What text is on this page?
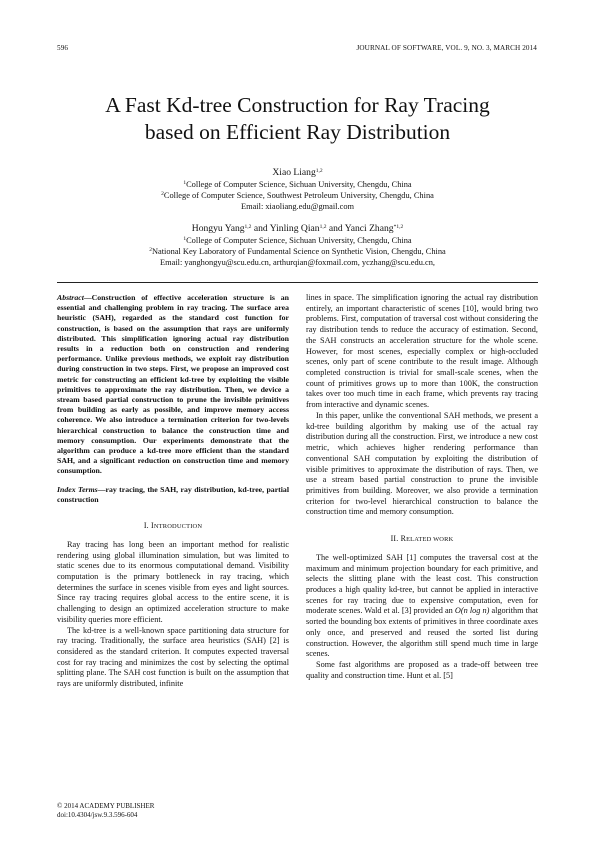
596	JOURNAL OF SOFTWARE, VOL. 9, NO. 3, MARCH 2014
A Fast Kd-tree Construction for Ray Tracing
based on Efficient Ray Distribution
Xiao Liang$^{1,2}$
$^1$College of Computer Science, Sichuan University, Chengdu, China
$^2$College of Computer Science, Southwest Petroleum University, Chengdu, China
Email: xiaoliang.edu@gmail.com
Hongyu Yang$^{1,2}$ and Yinling Qian$^{1,2}$ and Yanci Zhang$^{*1,2}$
$^1$College of Computer Science, Sichuan University, Chengdu, China
$^2$National Key Laboratory of Fundamental Science on Synthetic Vision, Chengdu, China
Email: yanghongyu@scu.edu.cn, arthurqian@foxmail.com, yczhang@scu.edu.cn,

Abstract—Construction of effective acceleration structure is an essential and challenging problem in ray tracing. The surface area heuristic (SAH), regarded as the standard cost function for construction, is based on the assumption that rays are uniformly distributed. This simplification ignoring actual ray distribution results in a reduction both on construction and rendering performance. Unlike previous methods, we exploit ray distribution during construction in two steps. First, we propose an improved cost metric for constructing an efficient kd-tree by exploiting the visible primitives to approximate the ray distribution. Then, we device a stream based partial construction to prune the invisible primitives from building as early as possible, and improve memory access coherence. We also introduce a termination criterion for two-levels hierarchical construction to balance the construction time and memory consumption. Our experiments demonstrate that the algorithm can produce a kd-tree more efficient than the standard SAH, and a significant reduction on construction time and memory consumption.

Index Terms—ray tracing, the SAH, ray distribution, kd-tree, partial construction

I. INTRODUCTION

Ray tracing has long been an important method for realistic rendering using global illumination simulation, but was limited to static scenes due to its enormous computational demand. Visibility computation is the primary bottleneck in ray tracing, which determines the surface in scenes visible from eyes and light sources. Since ray tracing requires global access to the entire scene, it is challenging to design an optimized acceleration structure to make visibility queries more efficient.

The kd-tree is a well-known space partitioning data structure for ray tracing. Traditionally, the surface area heuristics (SAH) [2] is considered as the standard criterion. It computes expected traversal cost for ray tracing and minimizes the cost by selecting the optimal splitting plane. The SAH cost function is built on the assumption that rays are uniformly distributed, infinite

lines in space. The simplification ignoring the actual ray distribution entirely, an important characteristic of scenes [10], would bring two problems. First, computation of traversal cost without considering the ray distribution tends to reduce the accuracy of estimation. Second, the SAH constructs an acceleration structure for the whole scene. However, for most scenes, especially complex or high-occluded scenes, only part of scene contribute to the result image. Although completed construction is trivial for small-scale scenes, when the count of primitives grows up to more than 100K, the construction takes over too much time in each frame, which prevents ray tracing from interactive and dynamic scenes.

In this paper, unlike the conventional SAH methods, we present a kd-tree building algorithm by making use of the actual ray distribution during all the construction. First, we introduce a new cost metric, which achieves higher rendering performance than conventional SAH computation by exploiting the distribution of visible primitives to approximate the distribution of rays. Then, we use a stream based partial construction to prune the invisible primitives from building. Moreover, we also provide a termination criterion for two-level hierarchical construction to balance the construction time and memory consumption.

II. RELATED WORK

The well-optimized SAH [1] computes the traversal cost at the maximum and minimum projection boundary for each primitive, and selects the slitting plane with the least cost. This construction produces a high quality kd-tree, but cannot be applied in interactive scenes for ray tracing due to expensive computation, even for moderate scenes. Wald et al. [3] provided an O(n log n) algorithm that sorted the bounding box extents of primitives in three coordinate axes only once, and preserved and reused the sorted list during construction. However, the algorithm still spend much time in large scenes.

Some fast algorithms are proposed as a trade-off between tree quality and construction time. Hunt et al. [5]

© 2014 ACADEMY PUBLISHER
doi:10.4304/jsw.9.3.596-604
